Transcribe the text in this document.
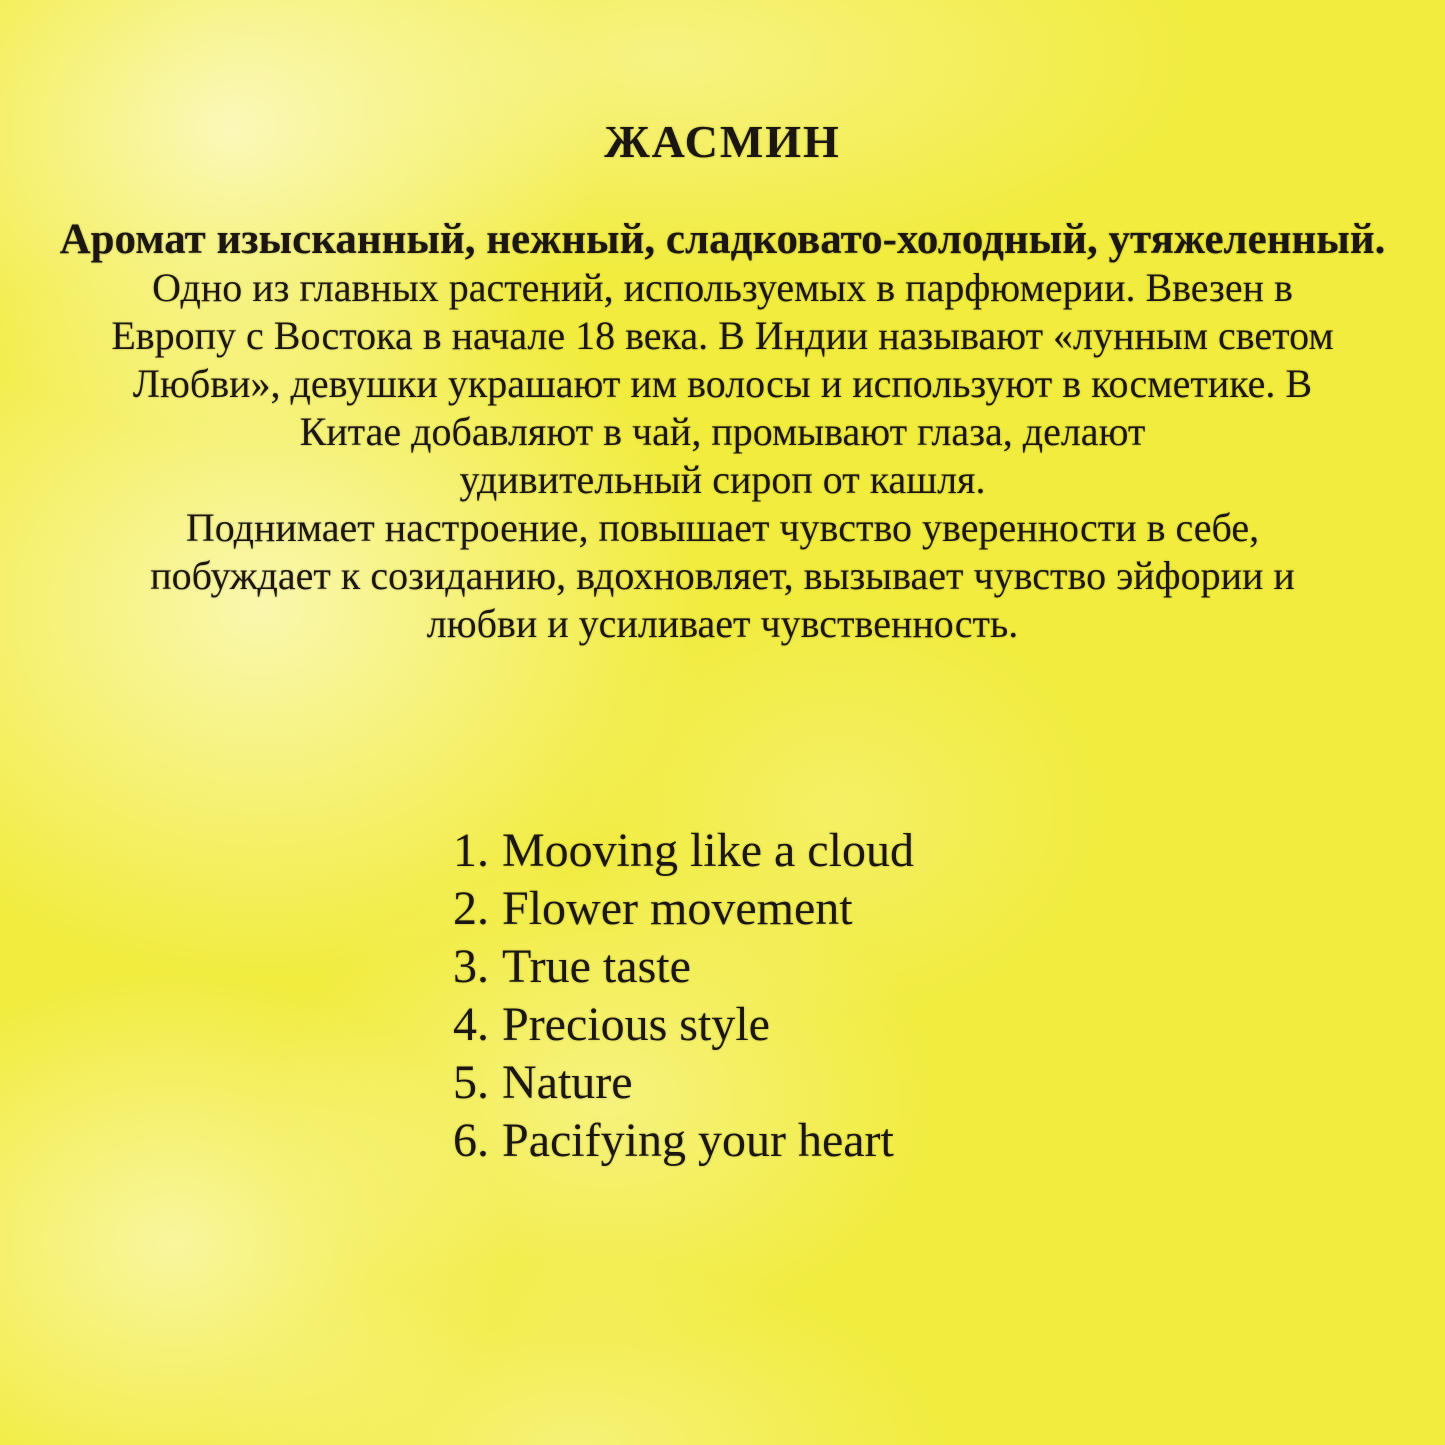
ЖАСМИН
Аромат изысканный, нежный, сладковато-холодный, утяжеленный.
Одно из главных растений, используемых в парфюмерии. Ввезен в
Европу с Востока в начале 18 века. В Индии называют «лунным светом
Любви», девушки украшают им волосы и используют в косметике. В
Китае добавляют в чай, промывают глаза, делают
удивительный сироп от кашля.
Поднимает настроение, повышает чувство уверенности в себе,
побуждает к созиданию, вдохновляет, вызывает чувство эйфории и
любви и усиливает чувственность.
1. Mooving like a cloud
2. Flower movement
3. True taste
4. Precious style
5. Nature
6. Pacifying your heart
